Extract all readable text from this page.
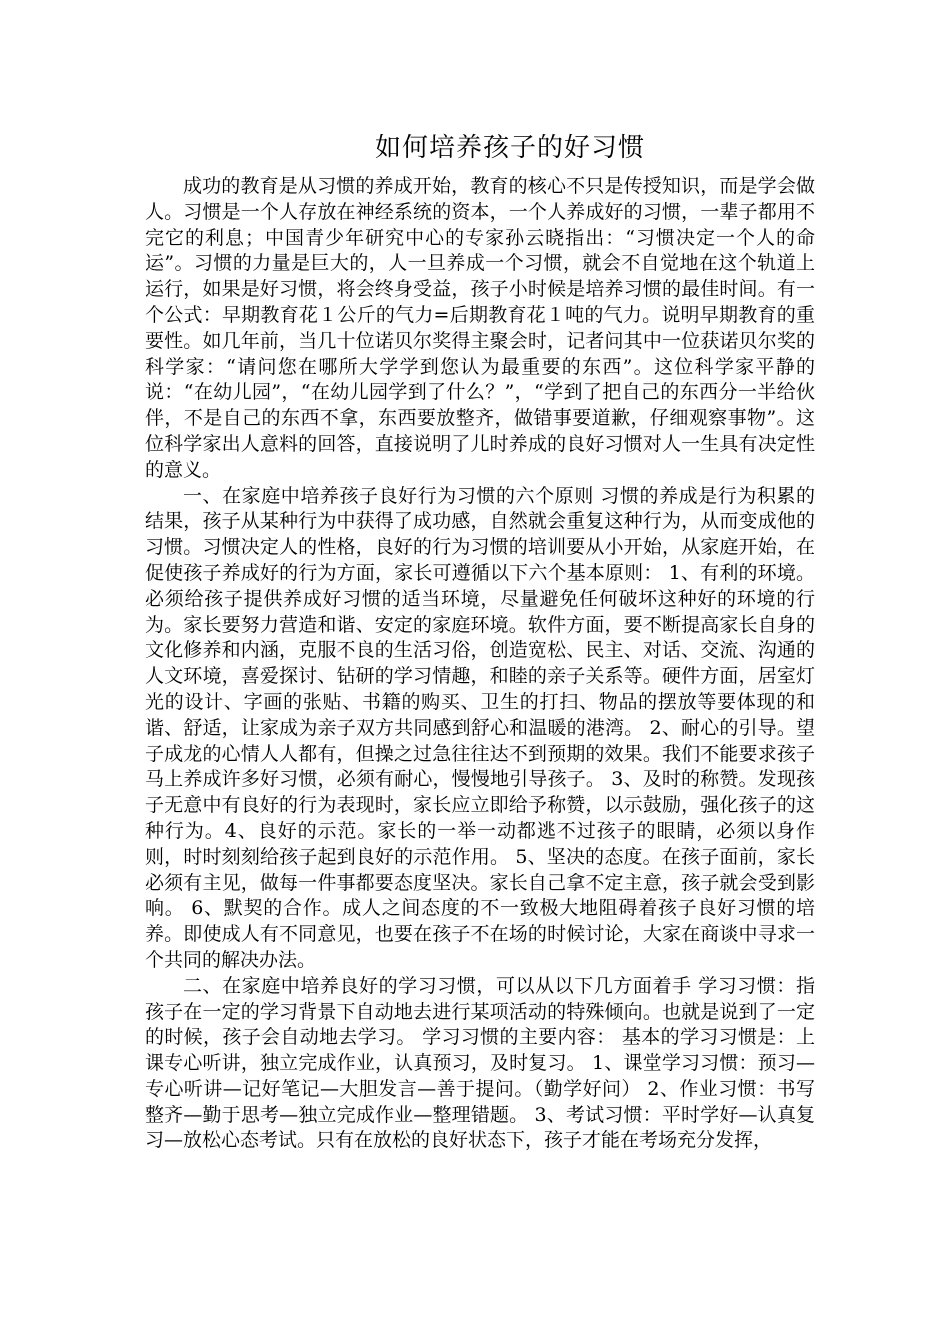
如何培养孩子的好习惯

成功的教育是从习惯的养成开始，教育的核心不只是传授知识，而是学会做人。习惯是一个人存放在神经系统的资本，一个人养成好的习惯，一辈子都用不完它的利息；中国青少年研究中心的专家孙云晓指出：“习惯决定一个人的命运”。习惯的力量是巨大的，人一旦养成一个习惯，就会不自觉地在这个轨道上运行，如果是好习惯，将会终身受益，孩子小时候是培养习惯的最佳时间。有一个公式：早期教育花１公斤的气力=后期教育花１吨的气力。说明早期教育的重要性。如几年前，当几十位诺贝尔奖得主聚会时，记者问其中一位获诺贝尔奖的科学家：“请问您在哪所大学学到您认为最重要的东西”。这位科学家平静的说：“在幼儿园”，“在幼儿园学到了什么？”，“学到了把自己的东西分一半给伙伴，不是自己的东西不拿，东西要放整齐，做错事要道歉，仔细观察事物”。这位科学家出人意料的回答，直接说明了儿时养成的良好习惯对人一生具有决定性的意义。

一、在家庭中培养孩子良好行为习惯的六个原则 习惯的养成是行为积累的结果，孩子从某种行为中获得了成功感，自然就会重复这种行为，从而变成他的习惯。习惯决定人的性格，良好的行为习惯的培训要从小开始，从家庭开始，在促使孩子养成好的行为方面，家长可遵循以下六个基本原则： 1、有利的环境。必须给孩子提供养成好习惯的适当环境，尽量避免任何破坏这种好的环境的行为。家长要努力营造和谐、安定的家庭环境。软件方面，要不断提高家长自身的文化修养和内涵，克服不良的生活习俗，创造宽松、民主、对话、交流、沟通的人文环境，喜爱探讨、钻研的学习情趣，和睦的亲子关系等。硬件方面，居室灯光的设计、字画的张贴、书籍的购买、卫生的打扫、物品的摆放等要体现的和谐、舒适，让家成为亲子双方共同感到舒心和温暖的港湾。 2、耐心的引导。望子成龙的心情人人都有，但操之过急往往达不到预期的效果。我们不能要求孩子马上养成许多好习惯，必须有耐心，慢慢地引导孩子。 3、及时的称赞。发现孩子无意中有良好的行为表现时，家长应立即给予称赞，以示鼓励，强化孩子的这种行为。4、良好的示范。家长的一举一动都逃不过孩子的眼睛，必须以身作则，时时刻刻给孩子起到良好的示范作用。 5、坚决的态度。在孩子面前，家长必须有主见，做每一件事都要态度坚决。家长自己拿不定主意，孩子就会受到影响。 6、默契的合作。成人之间态度的不一致极大地阻碍着孩子良好习惯的培养。即使成人有不同意见，也要在孩子不在场的时候讨论，大家在商谈中寻求一个共同的解决办法。

二、在家庭中培养良好的学习习惯，可以从以下几方面着手 学习习惯：指孩子在一定的学习背景下自动地去进行某项活动的特殊倾向。也就是说到了一定的时候，孩子会自动地去学习。 学习习惯的主要内容： 基本的学习习惯是：上课专心听讲，独立完成作业，认真预习，及时复习。 1、课堂学习习惯：预习—专心听讲—记好笔记—大胆发言—善于提问。（勤学好问） 2、作业习惯：书写整齐—勤于思考—独立完成作业—整理错题。 3、考试习惯：平时学好—认真复习—放松心态考试。只有在放松的良好状态下，孩子才能在考场充分发挥，
